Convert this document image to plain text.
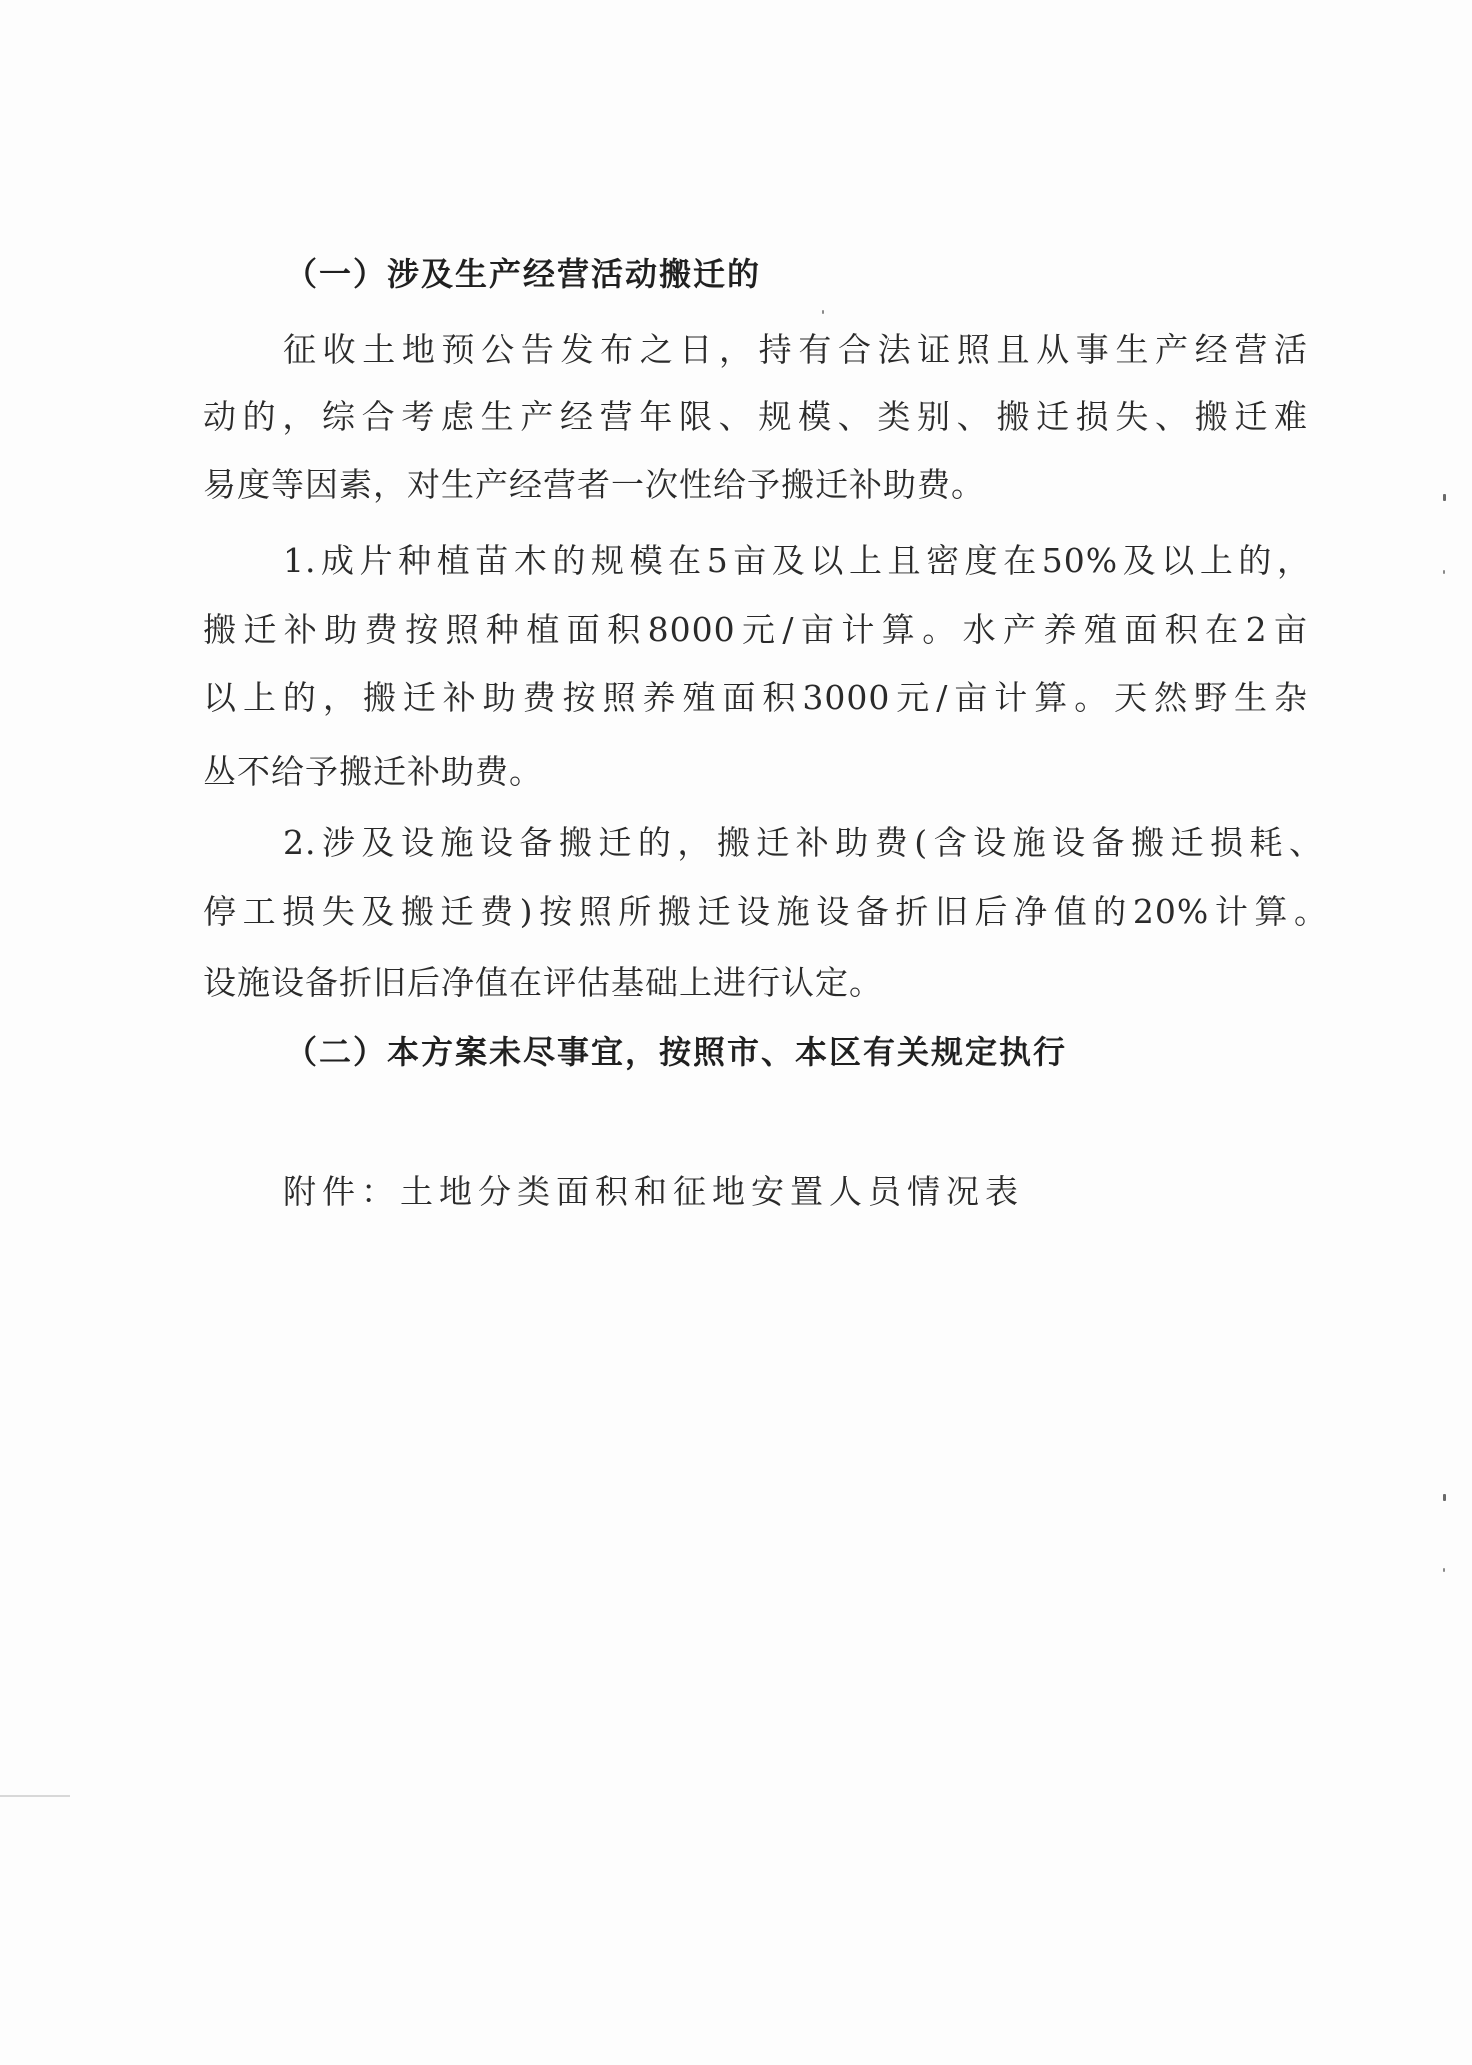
（一）涉及生产经营活动搬迁的
征收土地预公告发布之日，持有合法证照且从事生产经营活
动的，综合考虑生产经营年限、规模、类别、搬迁损失、搬迁难
易度等因素，对生产经营者一次性给予搬迁补助费。
1.成片种植苗木的规模在5亩及以上且密度在50%及以上的，
搬迁补助费按照种植面积8000元/亩计算。水产养殖面积在2亩
以上的，搬迁补助费按照养殖面积3000元/亩计算。天然野生杂
丛不给予搬迁补助费。
2.涉及设施设备搬迁的，搬迁补助费(含设施设备搬迁损耗、
停工损失及搬迁费)按照所搬迁设施设备折旧后净值的20%计算。
设施设备折旧后净值在评估基础上进行认定。
（二）本方案未尽事宜，按照市、本区有关规定执行
附件：土地分类面积和征地安置人员情况表
